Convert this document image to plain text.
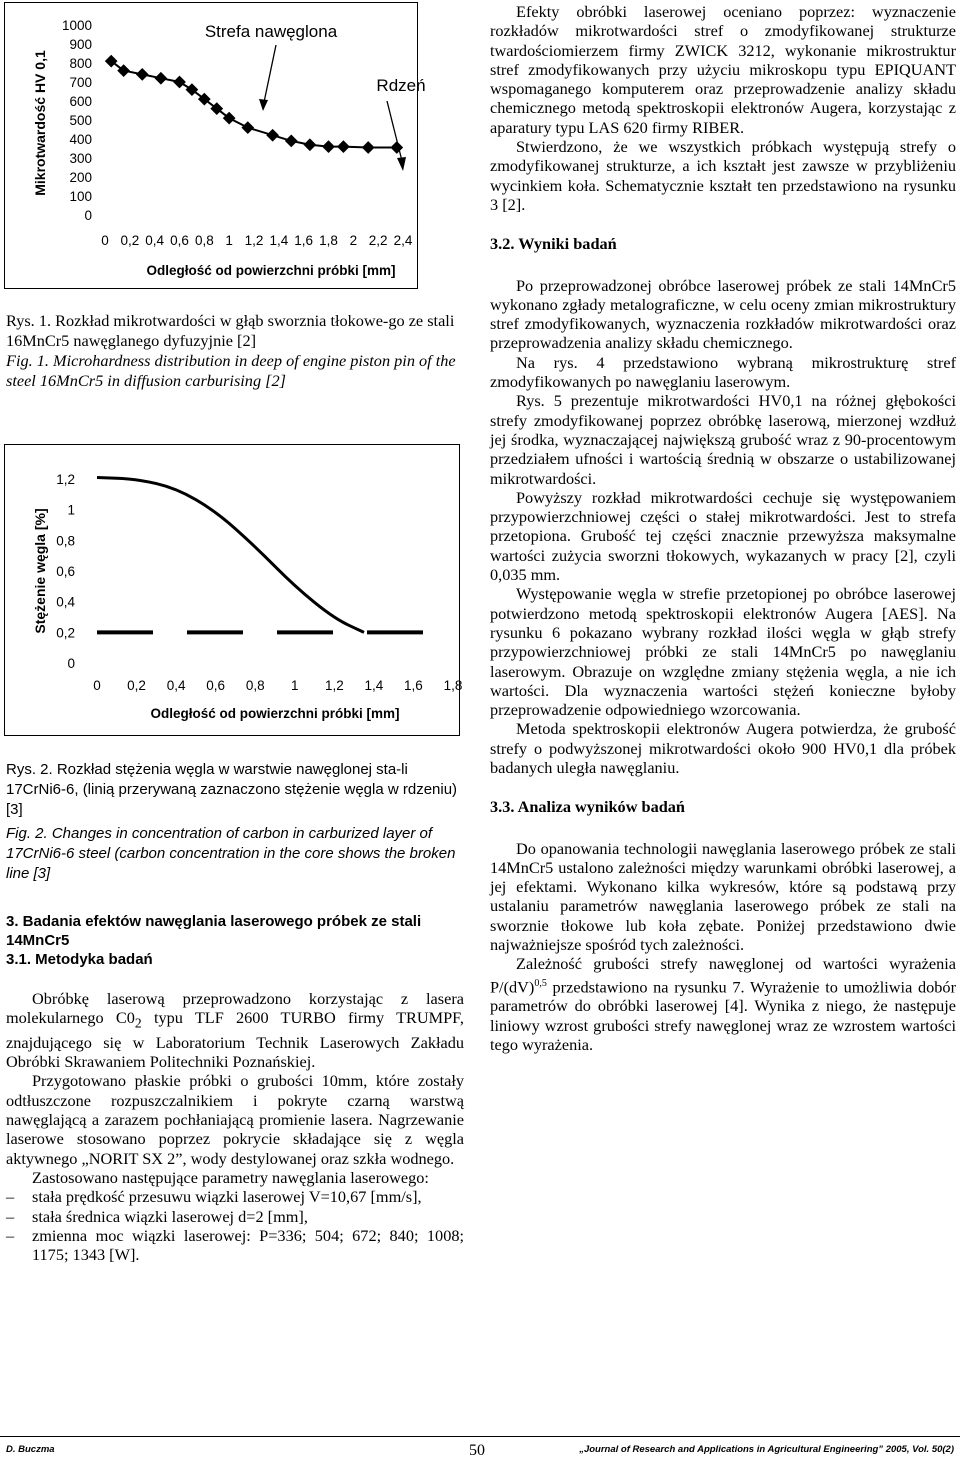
0
100
200
300
400
500
600
700
800
900
1000
0 0,2 0,4 0,6 0,8 1 1,2 1,4 1,6 1,8 2 2,2 2,4
Odległość od powierzchni próbki [mm]
Mikrotwardość HV 0,1
Strefa nawęglona
Rdzeń

Rys. 1. Rozkład mikrotwardości w głąb sworznia tłokowe-go ze stali 16MnCr5 nawęglanego dyfuzyjnie [2]

Fig. 1. Microhardness distribution in deep of engine piston pin of the steel 16MnCr5 in diffusion carburising [2]

0
0,2
0,4
0,6
0,8
1
1,2
0 0,2 0,4 0,6 0,8 1 1,2 1,4 1,6 1,8
Odległość od powierzchni próbki [mm]
Stężenie węgla [%]

Rys. 2. Rozkład stężenia węgla w warstwie nawęglonej sta-li 17CrNi6-6, (linią przerywaną zaznaczono stężenie węgla w rdzeniu) [3]

Fig. 2. Changes in concentration of carbon in carburized layer of 17CrNi6-6 steel (carbon concentration in the core shows the broken line [3]

3. Badania efektów nawęglania laserowego próbek ze stali 14MnCr5

3.1. Metodyka badań

Obróbkę laserową przeprowadzono korzystając z lasera molekularnego $C0_2$ typu TLF 2600 TURBO firmy TRUMPF, znajdującego się w Laboratorium Technik Laserowych Zakładu Obróbki Skrawaniem Politechniki Poznańskiej.

Przygotowano płaskie próbki o grubości 10mm, które zostały odtłuszczone rozpuszczalnikiem i pokryte czarną warstwą nawęglającą a zarazem pochłaniającą promienie lasera. Nagrzewanie laserowe stosowano poprzez pokrycie składające się z węgla aktywnego „NORIT SX 2”, wody destylowanej oraz szkła wodnego.

Zastosowano następujące parametry nawęglania laserowego:

– stała prędkość przesuwu wiązki laserowej V=10,67 [mm/s],
– stała średnica wiązki laserowej d=2 [mm],
– zmienna moc wiązki laserowej: P=336; 504; 672; 840; 1008; 1175; 1343 [W].

Efekty obróbki laserowej oceniano poprzez: wyznaczenie rozkładów mikrotwardości stref o zmodyfikowanej strukturze twardościomierzem firmy ZWICK 3212, wykonanie mikrostruktur stref zmodyfikowanych przy użyciu mikroskopu typu EPIQUANT wspomaganego komputerem oraz przeprowadzenie analizy składu chemicznego metodą spektroskopii elektronów Augera, korzystając z aparatury typu LAS 620 firmy RIBER.

Stwierdzono, że we wszystkich próbkach występują strefy o zmodyfikowanej strukturze, a ich kształt jest zawsze w przybliżeniu wycinkiem koła. Schematycznie kształt ten przedstawiono na rysunku 3 [2].

3.2. Wyniki badań

Po przeprowadzonej obróbce laserowej próbek ze stali 14MnCr5 wykonano zgłady metalograficzne, w celu oceny zmian mikrostruktury stref zmodyfikowanych, wyznaczenia rozkładów mikrotwardości oraz przeprowadzenia analizy składu chemicznego.

Na rys. 4 przedstawiono wybraną mikrostrukturę stref zmodyfikowanych po nawęglaniu laserowym.

Rys. 5 prezentuje mikrotwardości HV0,1 na różnej głębokości strefy zmodyfikowanej poprzez obróbkę laserową, mierzonej wzdłuż jej środka, wyznaczającej największą grubość wraz z 90-procentowym przedziałem ufności i wartością średnią w obszarze o ustabilizowanej mikrotwardości.

Powyższy rozkład mikrotwardości cechuje się występowaniem przypowierzchniowej części o stałej mikrotwardości. Jest to strefa przetopiona. Grubość tej części znacznie przewyższa maksymalne wartości zużycia sworzni tłokowych, wykazanych w pracy [2], czyli 0,035 mm.

Występowanie węgla w strefie przetopionej po obróbce laserowej potwierdzono metodą spektroskopii elektronów Augera [AES]. Na rysunku 6 pokazano wybrany rozkład ilości węgla w głąb strefy przypowierzchniowej próbki ze stali 14MnCr5 po nawęglaniu laserowym. Obrazuje on względne zmiany stężenia węgla, a nie ich wartości. Dla wyznaczenia wartości stężeń konieczne byłoby przeprowadzenie odpowiedniego wzorcowania.

Metoda spektroskopii elektronów Augera potwierdza, że grubość strefy o podwyższonej mikrotwardości około 900 HV0,1 dla próbek badanych uległa nawęglaniu.

3.3. Analiza wyników badań

Do opanowania technologii nawęglania laserowego próbek ze stali 14MnCr5 ustalono zależności między warunkami obróbki laserowej, a jej efektami. Wykonano kilka wykresów, które są podstawą przy ustalaniu parametrów nawęglania laserowego próbek ze stali na sworznie tłokowe lub koła zębate. Poniżej przedstawiono dwie najważniejsze spośród tych zależności.

Zależność grubości strefy nawęglonej od wartości wyrażenia P/(dV)$^{0,5}$ przedstawiono na rysunku 7. Wyrażenie to umożliwia dobór parametrów do obróbki laserowej [4]. Wynika z niego, że następuje liniowy wzrost grubości strefy nawęglonej wraz ze wzrostem wartości tego wyrażenia.

D. Buczma	50	„Journal of Research and Applications in Agricultural Engineering” 2005, Vol. 50(2)
